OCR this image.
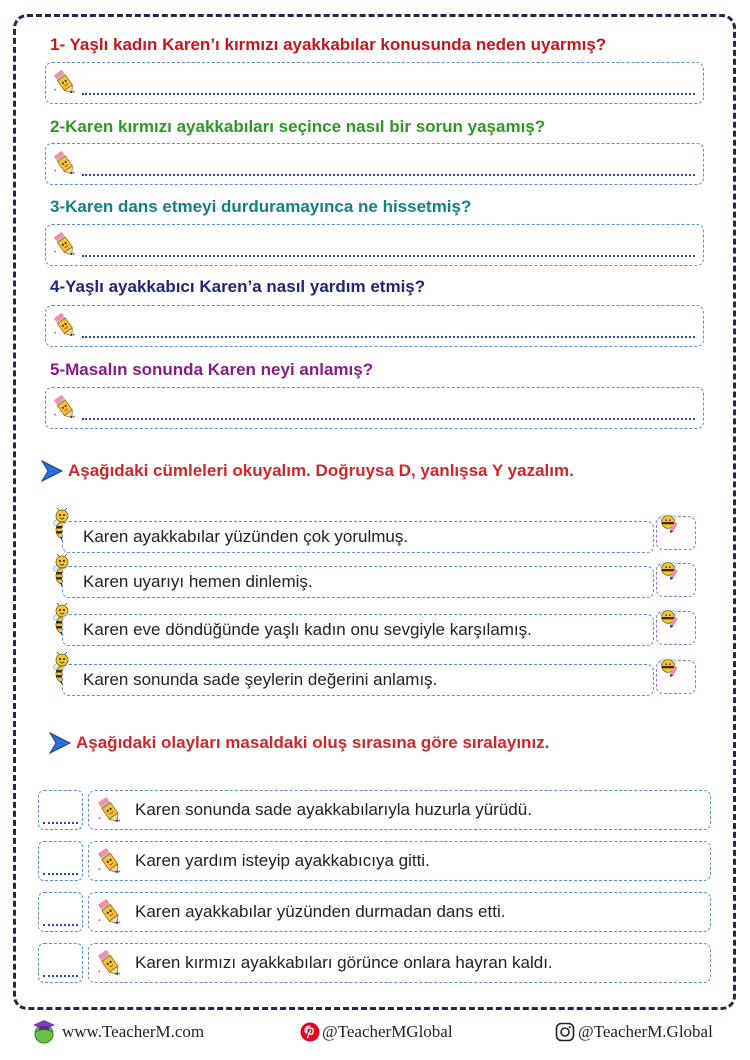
1- Yaşlı kadın Karen’ı kırmızı ayakkabılar konusunda neden uyarmış?
2-Karen kırmızı ayakkabıları seçince nasıl bir sorun yaşamış?
3-Karen dans etmeyi durduramayınca ne hissetmiş?
4-Yaşlı ayakkabıcı Karen’a nasıl yardım etmiş?
5-Masalın sonunda Karen neyi anlamış?
Aşağıdaki cümleleri okuyalım. Doğruysa D, yanlışsa Y yazalım.
Karen ayakkabılar yüzünden çok yorulmuş.
Karen uyarıyı hemen dinlemiş.
Karen eve döndüğünde yaşlı kadın onu sevgiyle karşılamış.
Karen sonunda sade şeylerin değerini anlamış.
Aşağıdaki olayları masaldaki oluş sırasına göre sıralayınız.
Karen sonunda sade ayakkabılarıyla huzurla yürüdü.
Karen yardım isteyip ayakkabıcıya gitti.
Karen ayakkabılar yüzünden durmadan dans etti.
Karen kırmızı ayakkabıları görünce onlara hayran kaldı.
www.TeacherM.com	@TeacherMGlobal	@TeacherM.Global
